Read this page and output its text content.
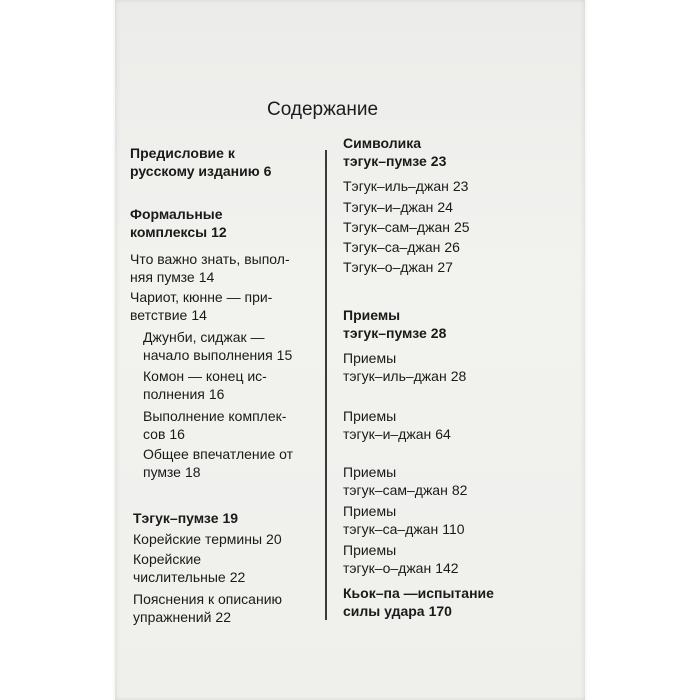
Содержание
Предисловие к
русскому изданию 6
Формальные
комплексы 12
Что важно знать, выпол-
няя пумзе 14
Чариот, кюнне — при-
ветствие 14
Джунби, сиджак —
начало выполнения 15
Комон — конец ис-
полнения 16
Выполнение комплек-
сов 16
Общее впечатление от
пумзе 18
Тэгук–пумзе 19
Корейские термины 20
Корейские
числительные 22
Пояснения к описанию
упражнений 22
Символика
тэгук–пумзе 23
Тэгук–иль–джан 23
Тэгук–и–джан 24
Тэгук–сам–джан 25
Тэгук–са–джан 26
Тэгук–о–джан 27
Приемы
тэгук–пумзе 28
Приемы
тэгук–иль–джан 28
Приемы
тэгук–и–джан 64
Приемы
тэгук–сам–джан 82
Приемы
тэгук–са–джан 110
Приемы
тэгук–о–джан 142
Кьок–па —испытание
силы удара 170
